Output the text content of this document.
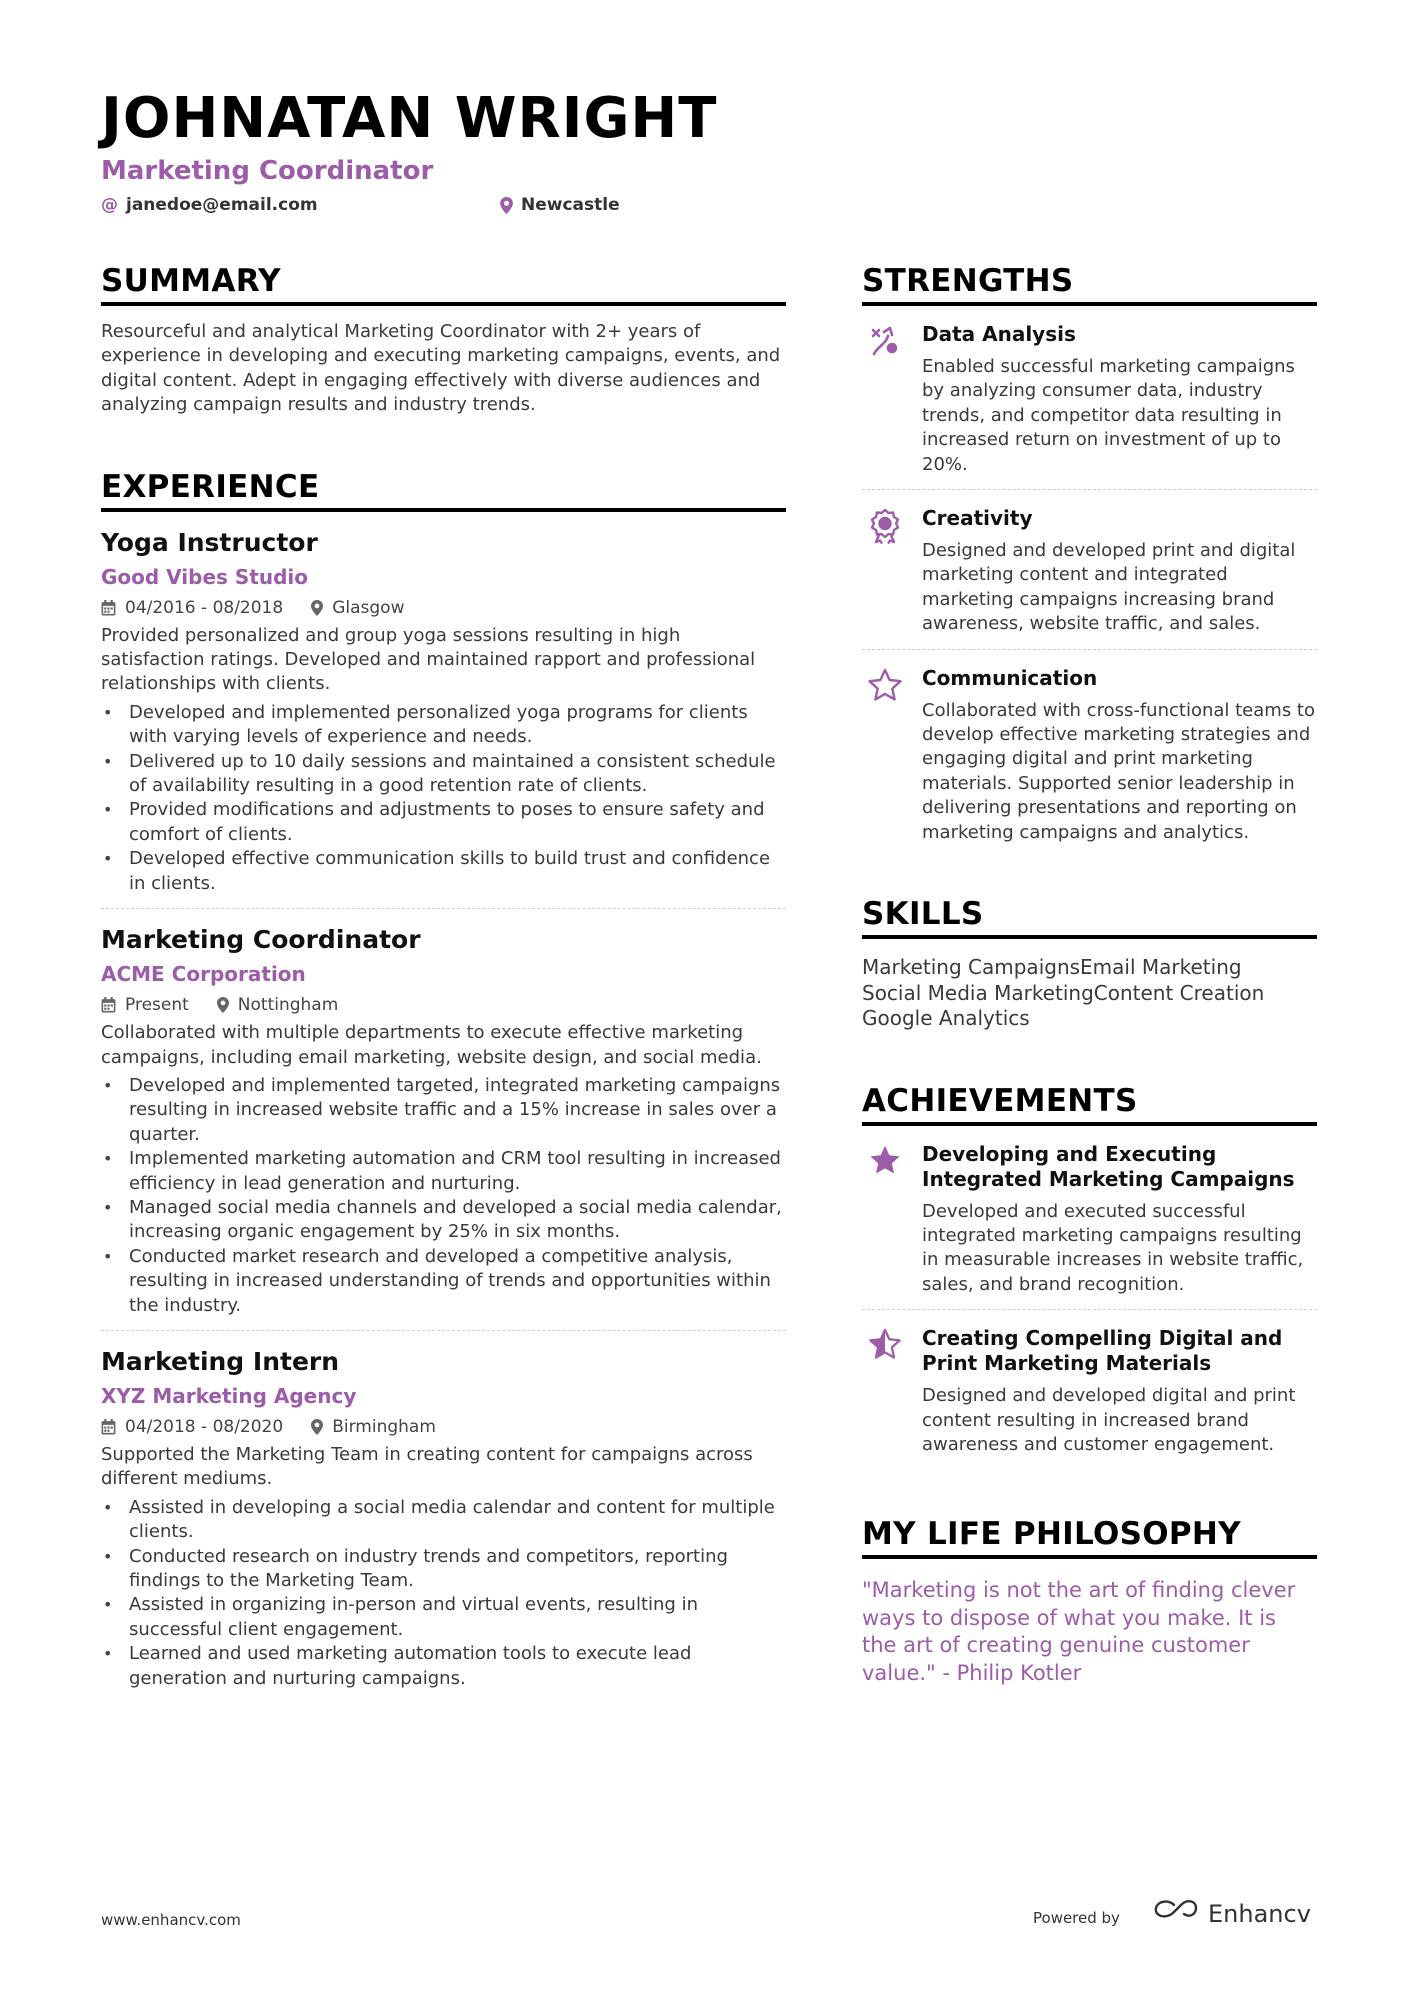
JOHNATAN WRIGHT
Marketing Coordinator
@ janedoe@email.com	Newcastle
SUMMARY

Resourceful and analytical Marketing Coordinator with 2+ years of experience in developing and executing marketing campaigns, events, and digital content. Adept in engaging effectively with diverse audiences and analyzing campaign results and industry trends.

EXPERIENCE
Yoga Instructor
Good Vibes Studio
04/2016 - 08/2018	Glasgow

Provided personalized and group yoga sessions resulting in high satisfaction ratings. Developed and maintained rapport and professional relationships with clients.

• Developed and implemented personalized yoga programs for clients with varying levels of experience and needs.
• Delivered up to 10 daily sessions and maintained a consistent schedule of availability resulting in a good retention rate of clients.
• Provided modifications and adjustments to poses to ensure safety and comfort of clients.
• Developed effective communication skills to build trust and confidence in clients.
Marketing Coordinator
ACME Corporation
Present	Nottingham

Collaborated with multiple departments to execute effective marketing campaigns, including email marketing, website design, and social media.

• Developed and implemented targeted, integrated marketing campaigns resulting in increased website traffic and a 15% increase in sales over a quarter.
• Implemented marketing automation and CRM tool resulting in increased efficiency in lead generation and nurturing.
• Managed social media channels and developed a social media calendar, increasing organic engagement by 25% in six months.
• Conducted market research and developed a competitive analysis, resulting in increased understanding of trends and opportunities within the industry.
Marketing Intern
XYZ Marketing Agency
04/2018 - 08/2020	Birmingham

Supported the Marketing Team in creating content for campaigns across different mediums.

• Assisted in developing a social media calendar and content for multiple clients.
• Conducted research on industry trends and competitors, reporting findings to the Marketing Team.
• Assisted in organizing in-person and virtual events, resulting in successful client engagement.
• Learned and used marketing automation tools to execute lead generation and nurturing campaigns.
STRENGTHS
Data Analysis

Enabled successful marketing campaigns by analyzing consumer data, industry trends, and competitor data resulting in increased return on investment of up to 20%.

Creativity

Designed and developed print and digital marketing content and integrated marketing campaigns increasing brand awareness, website traffic, and sales.

Communication

Collaborated with cross-functional teams to develop effective marketing strategies and engaging digital and print marketing materials. Supported senior leadership in delivering presentations and reporting on marketing campaigns and analytics.

SKILLS
Marketing CampaignsEmail Marketing
Social Media MarketingContent Creation
Google Analytics
ACHIEVEMENTS
Developing and Executing Integrated Marketing Campaigns

Developed and executed successful integrated marketing campaigns resulting in measurable increases in website traffic, sales, and brand recognition.

Creating Compelling Digital and Print Marketing Materials

Designed and developed digital and print content resulting in increased brand awareness and customer engagement.

MY LIFE PHILOSOPHY

"Marketing is not the art of finding clever ways to dispose of what you make. It is the art of creating genuine customer value." - Philip Kotler

www.enhancv.com	Powered by	Enhancv
